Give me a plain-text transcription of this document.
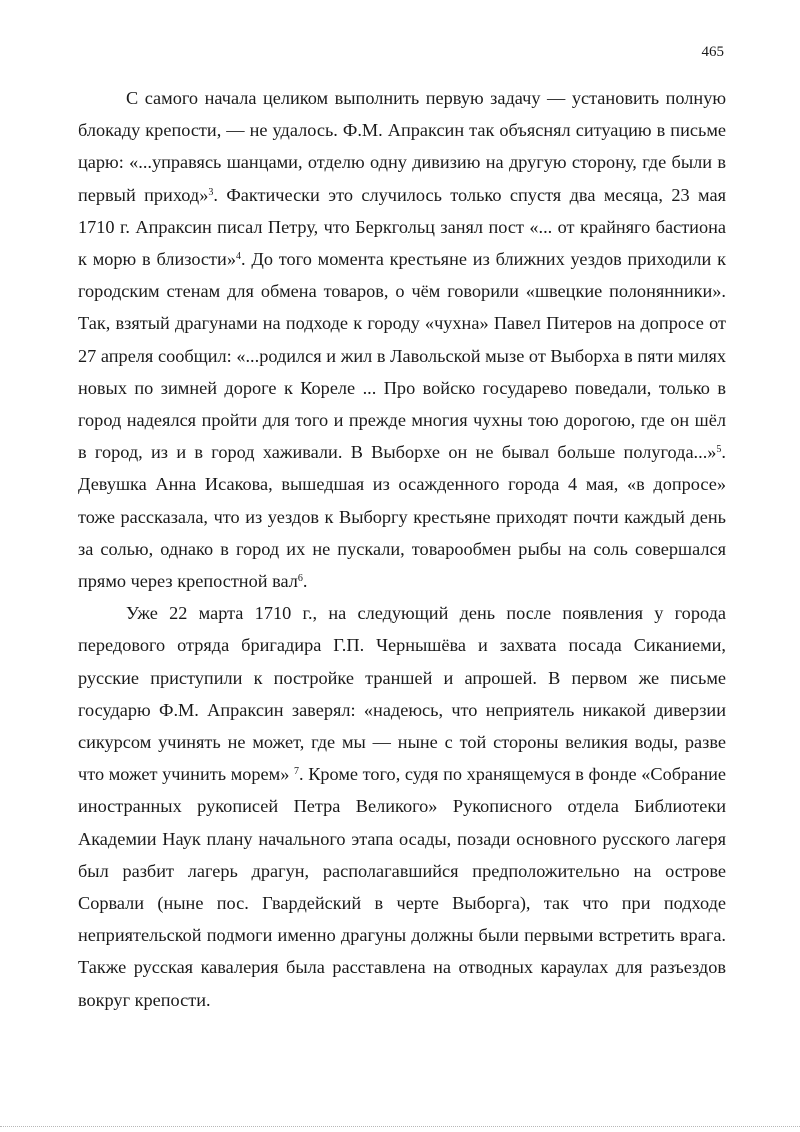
465

С самого начала целиком выполнить первую задачу — установить полную блокаду крепости, — не удалось. Ф.М. Апраксин так объяснял ситуацию в письме царю: «...управясь шанцами, отделю одну дивизию на другую сторону, где были в первый приход»$^3$. Фактически это случилось только спустя два месяца, 23 мая 1710 г. Апраксин писал Петру, что Беркгольц занял пост «... от крайняго бастиона к морю в близости»$^4$. До того момента крестьяне из ближних уездов приходили к городским стенам для обмена товаров, о чём говорили «швецкие полонянники». Так, взятый драгунами на подходе к городу «чухна» Павел Питеров на допросе от 27 апреля сообщил: «...родился и жил в Лавольской мызе от Выборха в пяти милях новых по зимней дороге к Кореле ... Про войско государево поведали, только в город надеялся пройти для того и прежде многия чухны тою дорогою, где он шёл в город, из и в город хаживали. В Выборхе он не бывал больше полугода...»$^5$. Девушка Анна Исакова, вышедшая из осажденного города 4 мая, «в допросе» тоже рассказала, что из уездов к Выборгу крестьяне приходят почти каждый день за солью, однако в город их не пускали, товарообмен рыбы на соль совершался прямо через крепостной вал$^6$.

Уже 22 марта 1710 г., на следующий день после появления у города передового отряда бригадира Г.П. Чернышёва и захвата посада Сиканиеми, русские приступили к постройке траншей и апрошей. В первом же письме государю Ф.М. Апраксин заверял: «надеюсь, что неприятель никакой диверзии сикурсом учинять не может, где мы — ныне с той стороны великия воды, разве что может учинить морем» $^7$. Кроме того, судя по хранящемуся в фонде «Собрание иностранных рукописей Петра Великого» Рукописного отдела Библиотеки Академии Наук плану начального этапа осады, позади основного русского лагеря был разбит лагерь драгун, располагавшийся предположительно на острове Сорвали (ныне пос. Гвардейский в черте Выборга), так что при подходе неприятельской подмоги именно драгуны должны были первыми встретить врага. Также русская кавалерия была расставлена на отводных караулах для разъездов вокруг крепости.
